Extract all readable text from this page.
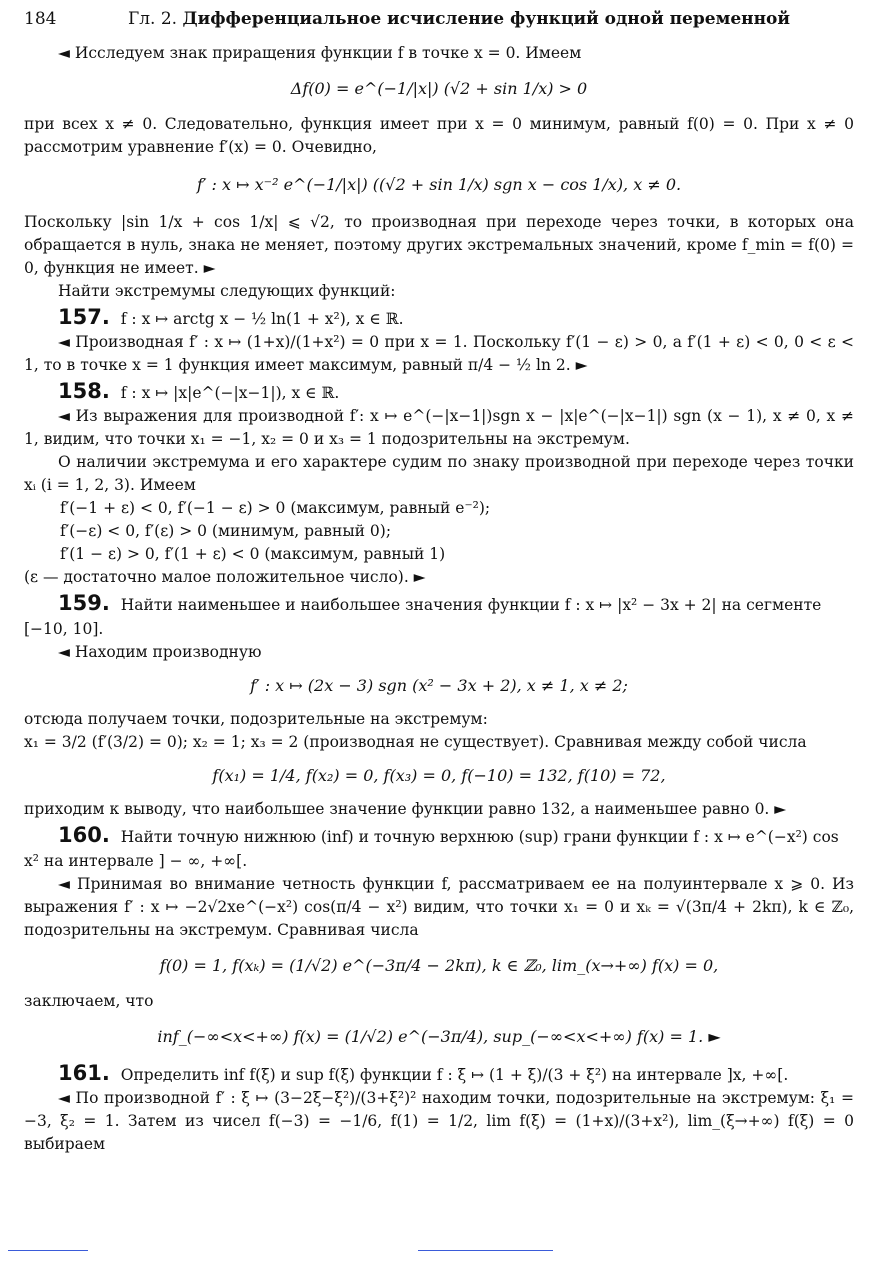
184	Гл. 2. Дифференциальное исчисление функций одной переменной
◄ Исследуем знак приращения функции f в точке x = 0. Имеем
Δf(0) = e^(−1/|x|) (√2 + sin 1/x) > 0
при всех x ≠ 0. Следовательно, функция имеет при x = 0 минимум, равный f(0) = 0. При x ≠ 0 рассмотрим уравнение f′(x) = 0. Очевидно,
f′ : x ↦ x⁻² e^(−1/|x|) ((√2 + sin 1/x) sgn x − cos 1/x), x ≠ 0.
Поскольку |sin 1/x + cos 1/x| ⩽ √2, то производная при переходе через точки, в которых она обращается в нуль, знака не меняет, поэтому других экстремальных значений, кроме f_min = f(0) = 0, функция не имеет. ►
Найти экстремумы следующих функций:
157. f : x ↦ arctg x − ½ ln(1 + x²), x ∈ ℝ.
◄ Производная f′ : x ↦ (1+x)/(1+x²) = 0 при x = 1. Поскольку f′(1 − ε) > 0, а f′(1 + ε) < 0, 0 < ε < 1, то в точке x = 1 функция имеет максимум, равный π/4 − ½ ln 2. ►
158. f : x ↦ |x|e^(−|x−1|), x ∈ ℝ.
◄ Из выражения для производной f′: x ↦ e^(−|x−1|)sgn x − |x|e^(−|x−1|) sgn (x − 1), x ≠ 0, x ≠ 1, видим, что точки x₁ = −1, x₂ = 0 и x₃ = 1 подозрительны на экстремум.
О наличии экстремума и его характере судим по знаку производной при переходе через точки xᵢ (i = 1, 2, 3). Имеем
f′(−1 + ε) < 0, f′(−1 − ε) > 0 (максимум, равный e⁻²);
f′(−ε) < 0, f′(ε) > 0 (минимум, равный 0);
f′(1 − ε) > 0, f′(1 + ε) < 0 (максимум, равный 1)
(ε — достаточно малое положительное число). ►
159. Найти наименьшее и наибольшее значения функции f : x ↦ |x² − 3x + 2| на сегменте [−10, 10].
◄ Находим производную
f′ : x ↦ (2x − 3) sgn (x² − 3x + 2), x ≠ 1, x ≠ 2;
отсюда получаем точки, подозрительные на экстремум:
x₁ = 3/2 (f′(3/2) = 0); x₂ = 1; x₃ = 2 (производная не существует). Сравнивая между собой числа
f(x₁) = 1/4, f(x₂) = 0, f(x₃) = 0, f(−10) = 132, f(10) = 72,
приходим к выводу, что наибольшее значение функции равно 132, а наименьшее равно 0. ►
160. Найти точную нижнюю (inf) и точную верхнюю (sup) грани функции f : x ↦ e^(−x²) cos x² на интервале ] − ∞, +∞[.
◄ Принимая во внимание четность функции f, рассматриваем ее на полуинтервале x ⩾ 0. Из выражения f′ : x ↦ −2√2xe^(−x²) cos(π/4 − x²) видим, что точки x₁ = 0 и xₖ = √(3π/4 + 2kπ), k ∈ ℤ₀, подозрительны на экстремум. Сравнивая числа
f(0) = 1, f(xₖ) = (1/√2) e^(−3π/4 − 2kπ), k ∈ ℤ₀, lim_(x→+∞) f(x) = 0,
заключаем, что
inf_(−∞<x<+∞) f(x) = (1/√2) e^(−3π/4), sup_(−∞<x<+∞) f(x) = 1. ►
161. Определить inf f(ξ) и sup f(ξ) функции f : ξ ↦ (1 + ξ)/(3 + ξ²) на интервале ]x, +∞[.
◄ По производной f′ : ξ ↦ (3−2ξ−ξ²)/(3+ξ²)² находим точки, подозрительные на экстремум: ξ₁ = −3, ξ₂ = 1. Затем из чисел f(−3) = −1/6, f(1) = 1/2, lim f(ξ) = (1+x)/(3+x²), lim_(ξ→+∞) f(ξ) = 0 выбираем
